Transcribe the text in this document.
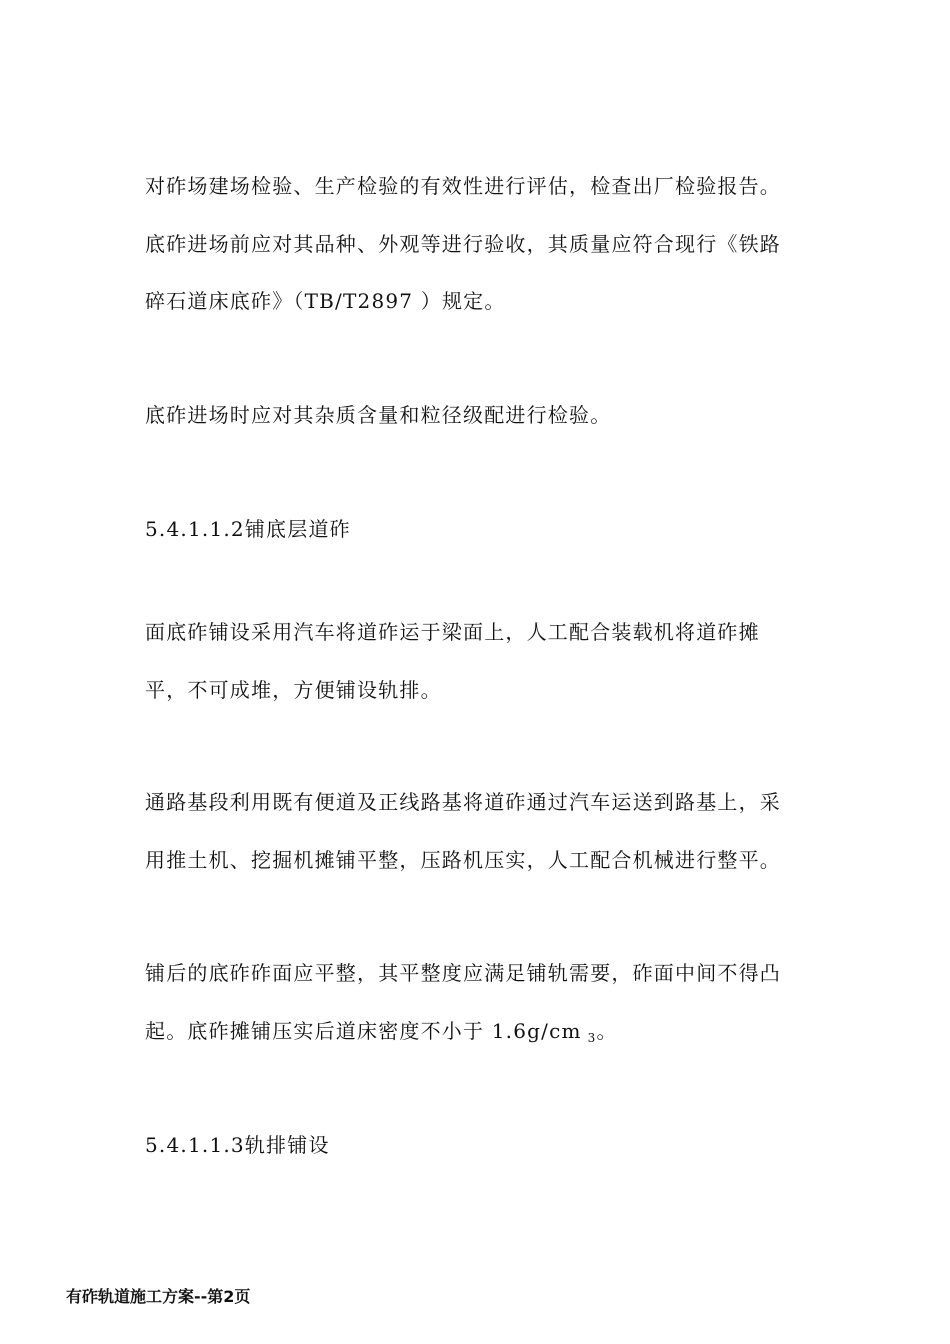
对砟场建场检验、生产检验的有效性进行评估，检查出厂检验报告。
底砟进场前应对其品种、外观等进行验收，其质量应符合现行《铁路
碎石道床底砟》（TB/T2897 ）规定。
底砟进场时应对其杂质含量和粒径级配进行检验。
5.4.1.1.2铺底层道砟
面底砟铺设采用汽车将道砟运于梁面上，人工配合装载机将道砟摊
平，不可成堆，方便铺设轨排。
通路基段利用既有便道及正线路基将道砟通过汽车运送到路基上，采
用推土机、挖掘机摊铺平整，压路机压实，人工配合机械进行整平。
铺后的底砟砟面应平整，其平整度应满足铺轨需要，砟面中间不得凸
起。底砟摊铺压实后道床密度不小于 1.6g/cm $_3$。
5.4.1.1.3轨排铺设
有砟轨道施工方案--第2页
